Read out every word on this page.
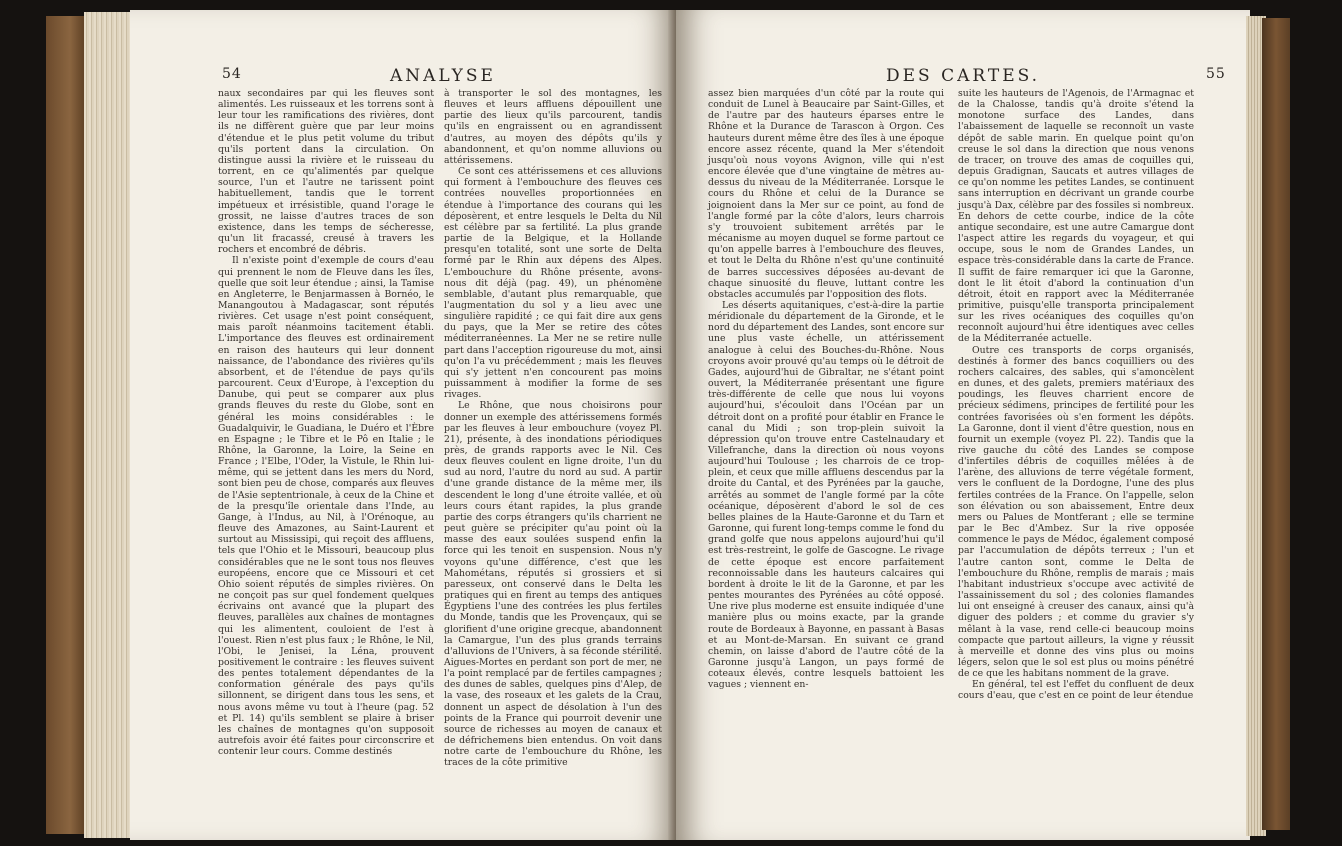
54	ANALYSE

naux secondaires par qui les fleuves sont alimentés. Les ruisseaux et les torrens sont à leur tour les ramifications des rivières, dont ils ne diffèrent guère que par leur moins d'étendue et le plus petit volume du tribut qu'ils portent dans la circulation. On distingue aussi la rivière et le ruisseau du torrent, en ce qu'alimentés par quelque source, l'un et l'autre ne tarissent point habituellement, tandis que le torrent impétueux et irrésistible, quand l'orage le grossit, ne laisse d'autres traces de son existence, dans les temps de sécheresse, qu'un lit fracassé, creusé à travers les rochers et encombré de débris.

Il n'existe point d'exemple de cours d'eau qui prennent le nom de Fleuve dans les îles, quelle que soit leur étendue ; ainsi, la Tamise en Angleterre, le Benjarmassen à Bornéo, le Manangoutou à Madagascar, sont réputés rivières. Cet usage n'est point conséquent, mais paroît néanmoins tacitement établi. L'importance des fleuves est ordinairement en raison des hauteurs qui leur donnent naissance, de l'abondance des rivières qu'ils absorbent, et de l'étendue de pays qu'ils parcourent. Ceux d'Europe, à l'exception du Danube, qui peut se comparer aux plus grands fleuves du reste du Globe, sont en général les moins considérables : le Guadalquivir, le Guadiana, le Duéro et l'Èbre en Espagne ; le Tibre et le Pô en Italie ; le Rhône, la Garonne, la Loire, la Seine en France ; l'Elbe, l'Oder, la Vistule, le Rhin lui-même, qui se jettent dans les mers du Nord, sont bien peu de chose, comparés aux fleuves de l'Asie septentrionale, à ceux de la Chine et de la presqu'île orientale dans l'Inde, au Gange, à l'Indus, au Nil, à l'Orénoque, au fleuve des Amazones, au Saint-Laurent et surtout au Mississipi, qui reçoit des affluens, tels que l'Ohio et le Missouri, beaucoup plus considérables que ne le sont tous nos fleuves européens, encore que ce Missouri et cet Ohio soient réputés de simples rivières. On ne conçoit pas sur quel fondement quelques écrivains ont avancé que la plupart des fleuves, parallèles aux chaînes de montagnes qui les alimentent, couloient de l'est à l'ouest. Rien n'est plus faux ; le Rhône, le Nil, l'Obi, le Jenisei, la Léna, prouvent positivement le contraire : les fleuves suivent des pentes totalement dépendantes de la conformation générale des pays qu'ils sillonnent, se dirigent dans tous les sens, et nous avons même vu tout à l'heure (pag. 52 et Pl. 14) qu'ils semblent se plaire à briser les chaînes de montagnes qu'on supposoit autrefois avoir été faites pour circonscrire et contenir leur cours. Comme destinés

à transporter le sol des montagnes, les fleuves et leurs affluens dépouillent une partie des lieux qu'ils parcourent, tandis qu'ils en engraissent ou en agrandissent d'autres, au moyen des dépôts qu'ils y abandonnent, et qu'on nomme alluvions ou attérissemens.

Ce sont ces attérissemens et ces alluvions qui forment à l'embouchure des fleuves ces contrées nouvelles proportionnées en étendue à l'importance des courans qui les déposèrent, et entre lesquels le Delta du Nil est célèbre par sa fertilité. La plus grande partie de la Belgique, et la Hollande presqu'en totalité, sont une sorte de Delta formé par le Rhin aux dépens des Alpes. L'embouchure du Rhône présente, avons-nous dit déjà (pag. 49), un phénomène semblable, d'autant plus remarquable, que l'augmentation du sol y a lieu avec une singulière rapidité ; ce qui fait dire aux gens du pays, que la Mer se retire des côtes méditerranéennes. La Mer ne se retire nulle part dans l'acception rigoureuse du mot, ainsi qu'on l'a vu précédemment ; mais les fleuves qui s'y jettent n'en concourent pas moins puissamment à modifier la forme de ses rivages.

Le Rhône, que nous choisirons pour donner un exemple des attérissemens formés par les fleuves à leur embouchure (voyez Pl. 21), présente, à des inondations périodiques près, de grands rapports avec le Nil. Ces deux fleuves coulent en ligne droite, l'un du sud au nord, l'autre du nord au sud. A partir d'une grande distance de la même mer, ils descendent le long d'une étroite vallée, et où leurs cours étant rapides, la plus grande partie des corps étrangers qu'ils charrient ne peut guère se précipiter qu'au point où la masse des eaux soulées suspend enfin la force qui les tenoit en suspension. Nous n'y voyons qu'une différence, c'est que les Mahométans, réputés si grossiers et si paresseux, ont conservé dans le Delta les pratiques qui en firent au temps des antiques Égyptiens l'une des contrées les plus fertiles du Monde, tandis que les Provençaux, qui se glorifient d'une origine grecque, abandonnent la Camargue, l'un des plus grands terrains d'alluvions de l'Univers, à sa féconde stérilité. Aigues-Mortes en perdant son port de mer, ne l'a point remplacé par de fertiles campagnes ; des dunes de sables, quelques pins d'Alep, de la vase, des roseaux et les galets de la Crau, donnent un aspect de désolation à l'un des points de la France qui pourroit devenir une source de richesses au moyen de canaux et de défrichemens bien entendus. On voit dans notre carte de l'embouchure du Rhône, les traces de la côte primitive

DES CARTES.	55

assez bien marquées d'un côté par la route qui conduit de Lunel à Beaucaire par Saint-Gilles, et de l'autre par des hauteurs éparses entre le Rhône et la Durance de Tarascon à Orgon. Ces hauteurs durent même être des îles à une époque encore assez récente, quand la Mer s'étendoit jusqu'où nous voyons Avignon, ville qui n'est encore élevée que d'une vingtaine de mètres au-dessus du niveau de la Méditerranée. Lorsque le cours du Rhône et celui de la Durance se joignoient dans la Mer sur ce point, au fond de l'angle formé par la côte d'alors, leurs charrois s'y trouvoient subitement arrêtés par le mécanisme au moyen duquel se forme partout ce qu'on appelle barres à l'embouchure des fleuves, et tout le Delta du Rhône n'est qu'une continuité de barres successives déposées au-devant de chaque sinuosité du fleuve, luttant contre les obstacles accumulés par l'opposition des flots.

Les déserts aquitaniques, c'est-à-dire la partie méridionale du département de la Gironde, et le nord du département des Landes, sont encore sur une plus vaste échelle, un attérissement analogue à celui des Bouches-du-Rhône. Nous croyons avoir prouvé qu'au temps où le détroit de Gades, aujourd'hui de Gibraltar, ne s'étant point ouvert, la Méditerranée présentant une figure très-différente de celle que nous lui voyons aujourd'hui, s'écouloit dans l'Océan par un détroit dont on a profité pour établir en France le canal du Midi ; son trop-plein suivoit la dépression qu'on trouve entre Castelnaudary et Villefranche, dans la direction où nous voyons aujourd'hui Toulouse ; les charrois de ce trop-plein, et ceux que mille affluens descendus par la droite du Cantal, et des Pyrénées par la gauche, arrêtés au sommet de l'angle formé par la côte océanique, déposèrent d'abord le sol de ces belles plaines de la Haute-Garonne et du Tarn et Garonne, qui furent long-temps comme le fond du grand golfe que nous appelons aujourd'hui qu'il est très-restreint, le golfe de Gascogne. Le rivage de cette époque est encore parfaitement reconnoissable dans les hauteurs calcaires qui bordent à droite le lit de la Garonne, et par les pentes mourantes des Pyrénées au côté opposé. Une rive plus moderne est ensuite indiquée d'une manière plus ou moins exacte, par la grande route de Bordeaux à Bayonne, en passant à Basas et au Mont-de-Marsan. En suivant ce grand chemin, on laisse d'abord de l'autre côté de la Garonne jusqu'à Langon, un pays formé de coteaux élevés, contre lesquels battoient les vagues ; viennent en-

suite les hauteurs de l'Agenois, de l'Armagnac et de la Chalosse, tandis qu'à droite s'étend la monotone surface des Landes, dans l'abaissement de laquelle se reconnoît un vaste dépôt de sable marin. En quelque point qu'on creuse le sol dans la direction que nous venons de tracer, on trouve des amas de coquilles qui, depuis Gradignan, Saucats et autres villages de ce qu'on nomme les petites Landes, se continuent sans interruption en décrivant un grande courbe jusqu'à Dax, célèbre par des fossiles si nombreux. En dehors de cette courbe, indice de la côte antique secondaire, est une autre Camargue dont l'aspect attire les regards du voyageur, et qui occupe, sous le nom de Grandes Landes, un espace très-considérable dans la carte de France. Il suffit de faire remarquer ici que la Garonne, dont le lit étoit d'abord la continuation d'un détroit, étoit en rapport avec la Méditerranée primitive, puisqu'elle transporta principalement sur les rives océaniques des coquilles qu'on reconnoît aujourd'hui être identiques avec celles de la Méditerranée actuelle.

Outre ces transports de corps organisés, destinés à former des bancs coquilliers ou des rochers calcaires, des sables, qui s'amoncèlent en dunes, et des galets, premiers matériaux des poudings, les fleuves charrient encore de précieux sédimens, principes de fertilité pour les contrées favorisées où s'en forment les dépôts. La Garonne, dont il vient d'être question, nous en fournit un exemple (voyez Pl. 22). Tandis que la rive gauche du côté des Landes se compose d'infertiles débris de coquilles mêlées à de l'arène, des alluvions de terre végétale forment, vers le confluent de la Dordogne, l'une des plus fertiles contrées de la France. On l'appelle, selon son élévation ou son abaissement, Entre deux mers ou Palues de Montferant ; elle se termine par le Bec d'Ambez. Sur la rive opposée commence le pays de Médoc, également composé par l'accumulation de dépôts terreux ; l'un et l'autre canton sont, comme le Delta de l'embouchure du Rhône, remplis de marais ; mais l'habitant industrieux s'occupe avec activité de l'assainissement du sol ; des colonies flamandes lui ont enseigné à creuser des canaux, ainsi qu'à diguer des polders ; et comme du gravier s'y mêlant à la vase, rend celle-ci beaucoup moins compacte que partout ailleurs, la vigne y réussit à merveille et donne des vins plus ou moins légers, selon que le sol est plus ou moins pénétré de ce que les habitans nomment de la grave.

En général, tel est l'effet du confluent de deux cours d'eau, que c'est en ce point de leur étendue
